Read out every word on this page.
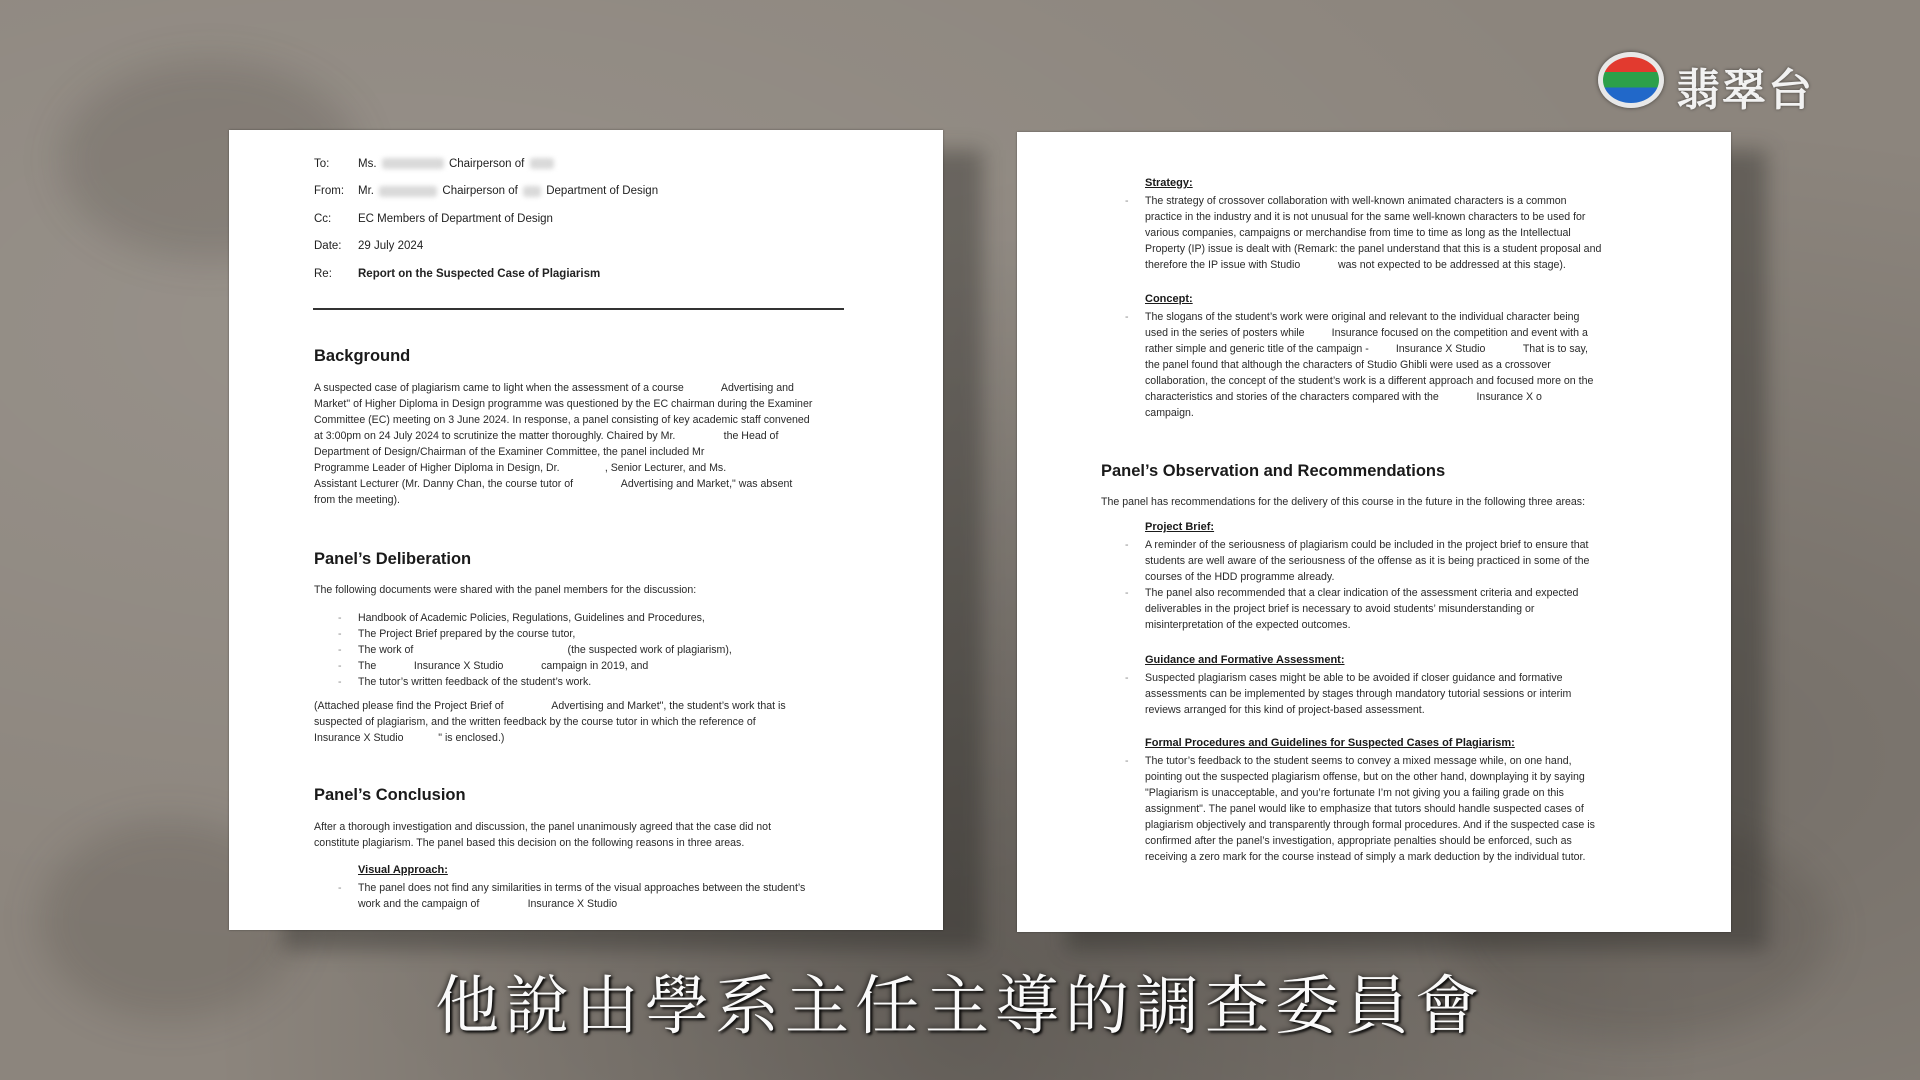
To:	Ms.	Chairperson of
From:	Mr.	Chairperson of Department of Design
Cc:	EC Members of Department of Design
Date:	29 July 2024
Re:	Report on the Suspected Case of Plagiarism
Background
A suspected case of plagiarism came to light when the assessment of a course     Advertising and
Market" of Higher Diploma in Design programme was questioned by the EC chairman during the Examiner
Committee (EC) meeting on 3 June 2024. In response, a panel consisting of key academic staff convened
at 3:00pm on 24 July 2024 to scrutinize the matter thoroughly. Chaired by Mr.      the Head of
Department of Design/Chairman of the Examiner Committee, the panel included Mr
Programme Leader of Higher Diploma in Design, Dr.     , Senior Lecturer, and Ms.
Assistant Lecturer (Mr. Danny Chan, the course tutor of      Advertising and Market," was absent
from the meeting).
Panel’s Deliberation
The following documents were shared with the panel members for the discussion:
- Handbook of Academic Policies, Regulations, Guidelines and Procedures,
- The Project Brief prepared by the course tutor,
- The work of                (the suspected work of plagiarism),
- The     Insurance X Studio     campaign in 2019, and
- The tutor’s written feedback of the student’s work.
(Attached please find the Project Brief of      Advertising and Market", the student’s work that is
suspected of plagiarism, and the written feedback by the course tutor in which the reference of
Insurance X Studio    " is enclosed.)
Panel’s Conclusion
After a thorough investigation and discussion, the panel unanimously agreed that the case did not
constitute plagiarism. The panel based this decision on the following reasons in three areas.
Visual Approach:
- The panel does not find any similarities in terms of the visual approaches between the student’s
work and the campaign of      Insurance X Studio    
Strategy:
- The strategy of crossover collaboration with well-known animated characters is a common
practice in the industry and it is not unusual for the same well-known characters to be used for
various companies, campaigns or merchandise from time to time as long as the Intellectual
Property (IP) issue is dealt with (Remark: the panel understand that this is a student proposal and
therefore the IP issue with Studio     was not expected to be addressed at this stage).
Concept:
- The slogans of the student’s work were original and relevant to the individual character being
used in the series of posters while    Insurance focused on the competition and event with a
rather simple and generic title of the campaign -    Insurance X Studio     That is to say,
the panel found that although the characters of Studio Ghibli were used as a crossover
collaboration, the concept of the student’s work is a different approach and focused more on the
characteristics and stories of the characters compared with the     Insurance X o
campaign.
Panel’s Observation and Recommendations
The panel has recommendations for the delivery of this course in the future in the following three areas:
Project Brief:
- A reminder of the seriousness of plagiarism could be included in the project brief to ensure that
students are well aware of the seriousness of the offense as it is being practiced in some of the
courses of the HDD programme already.
- The panel also recommended that a clear indication of the assessment criteria and expected
deliverables in the project brief is necessary to avoid students’ misunderstanding or
misinterpretation of the expected outcomes.
Guidance and Formative Assessment:
- Suspected plagiarism cases might be able to be avoided if closer guidance and formative
assessments can be implemented by stages through mandatory tutorial sessions or interim
reviews arranged for this kind of project-based assessment.
Formal Procedures and Guidelines for Suspected Cases of Plagiarism:
- The tutor’s feedback to the student seems to convey a mixed message while, on one hand,
pointing out the suspected plagiarism offense, but on the other hand, downplaying it by saying
"Plagiarism is unacceptable, and you’re fortunate I’m not giving you a failing grade on this
assignment". The panel would like to emphasize that tutors should handle suspected cases of
plagiarism objectively and transparently through formal procedures. And if the suspected case is
confirmed after the panel’s investigation, appropriate penalties should be enforced, such as
receiving a zero mark for the course instead of simply a mark deduction by the individual tutor.
翡翠台
他說由學系主任主導的調查委員會
